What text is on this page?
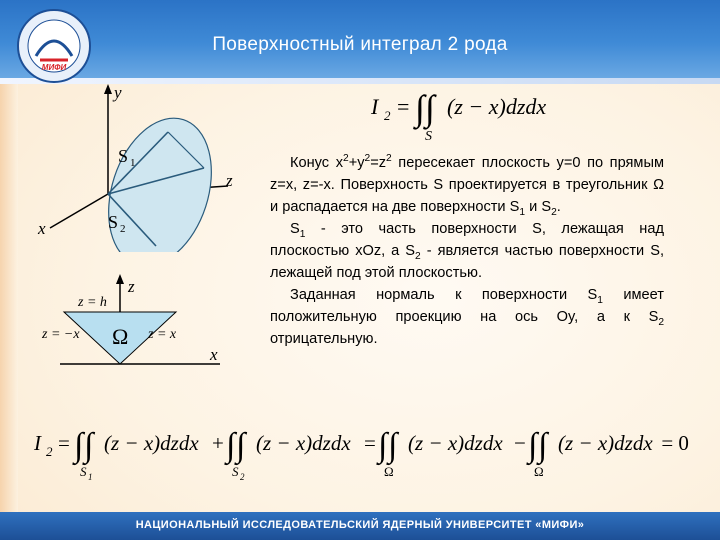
МИФИ
Поверхностный интеграл 2 рода
I 2 = ∫ ∫ (z − x)dzdx
S
y
z
x
S 1
S 2
z
x
z = h
z = −x	z = x
Ω

Конус $x^2+y^2=z^2$ пересекает плоскость y=0 по прямым z=x, z=-x. Поверхность S проектируется в треугольник Ω и распадается на две поверхности $S_1$ и $S_2$.

$S_1$ - это часть поверхности S, лежащая над плоскостью xOz, а $S_2$ - является частью поверхности S, лежащей под этой плоскостью.

Заданная нормаль к поверхности $S_1$ имеет положительную проекцию на ось Oy, а к $S_2$ отрицательную.

I 2 = ∫ ∫ (z − x)dzdx
S 1
+ ∫ ∫ (z − x)dzdx
S 2
= ∫ ∫ (z − x)dzdx
Ω
− ∫ ∫ (z − x)dzdx
Ω
= 0
НАЦИОНАЛЬНЫЙ ИССЛЕДОВАТЕЛЬСКИЙ ЯДЕРНЫЙ УНИВЕРСИТЕТ «МИФИ»
